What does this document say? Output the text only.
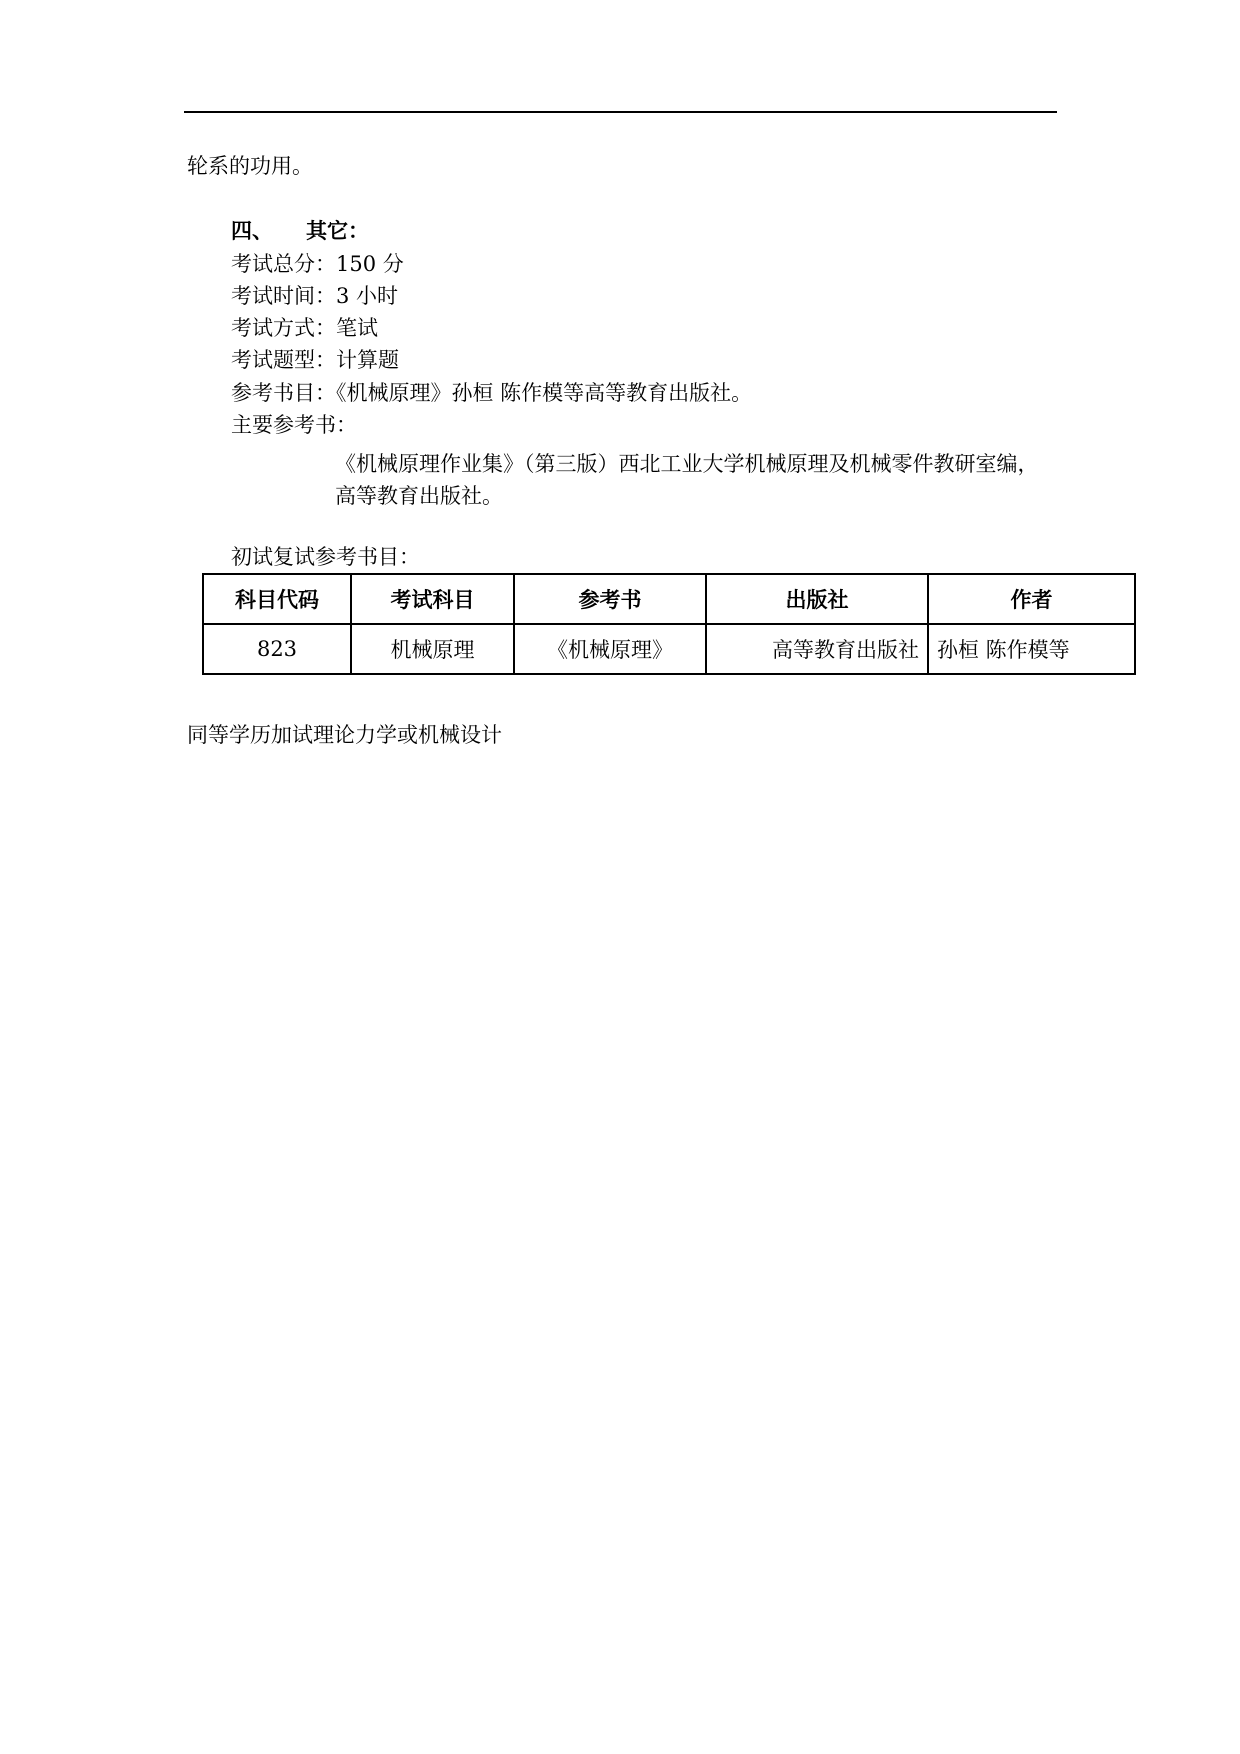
轮系的功用。
四、 其它：
考试总分：150 分
考试时间：3 小时
考试方式：笔试
考试题型：计算题
参考书目：《机械原理》孙桓 陈作模等高等教育出版社。
主要参考书：
《机械原理作业集》（第三版）西北工业大学机械原理及机械零件教研室编，
高等教育出版社。
初试复试参考书目：
科目代码	考试科目	参考书	出版社	作者
823	机械原理	《机械原理》	高等教育出版社	孙桓 陈作模等
同等学历加试理论力学或机械设计
